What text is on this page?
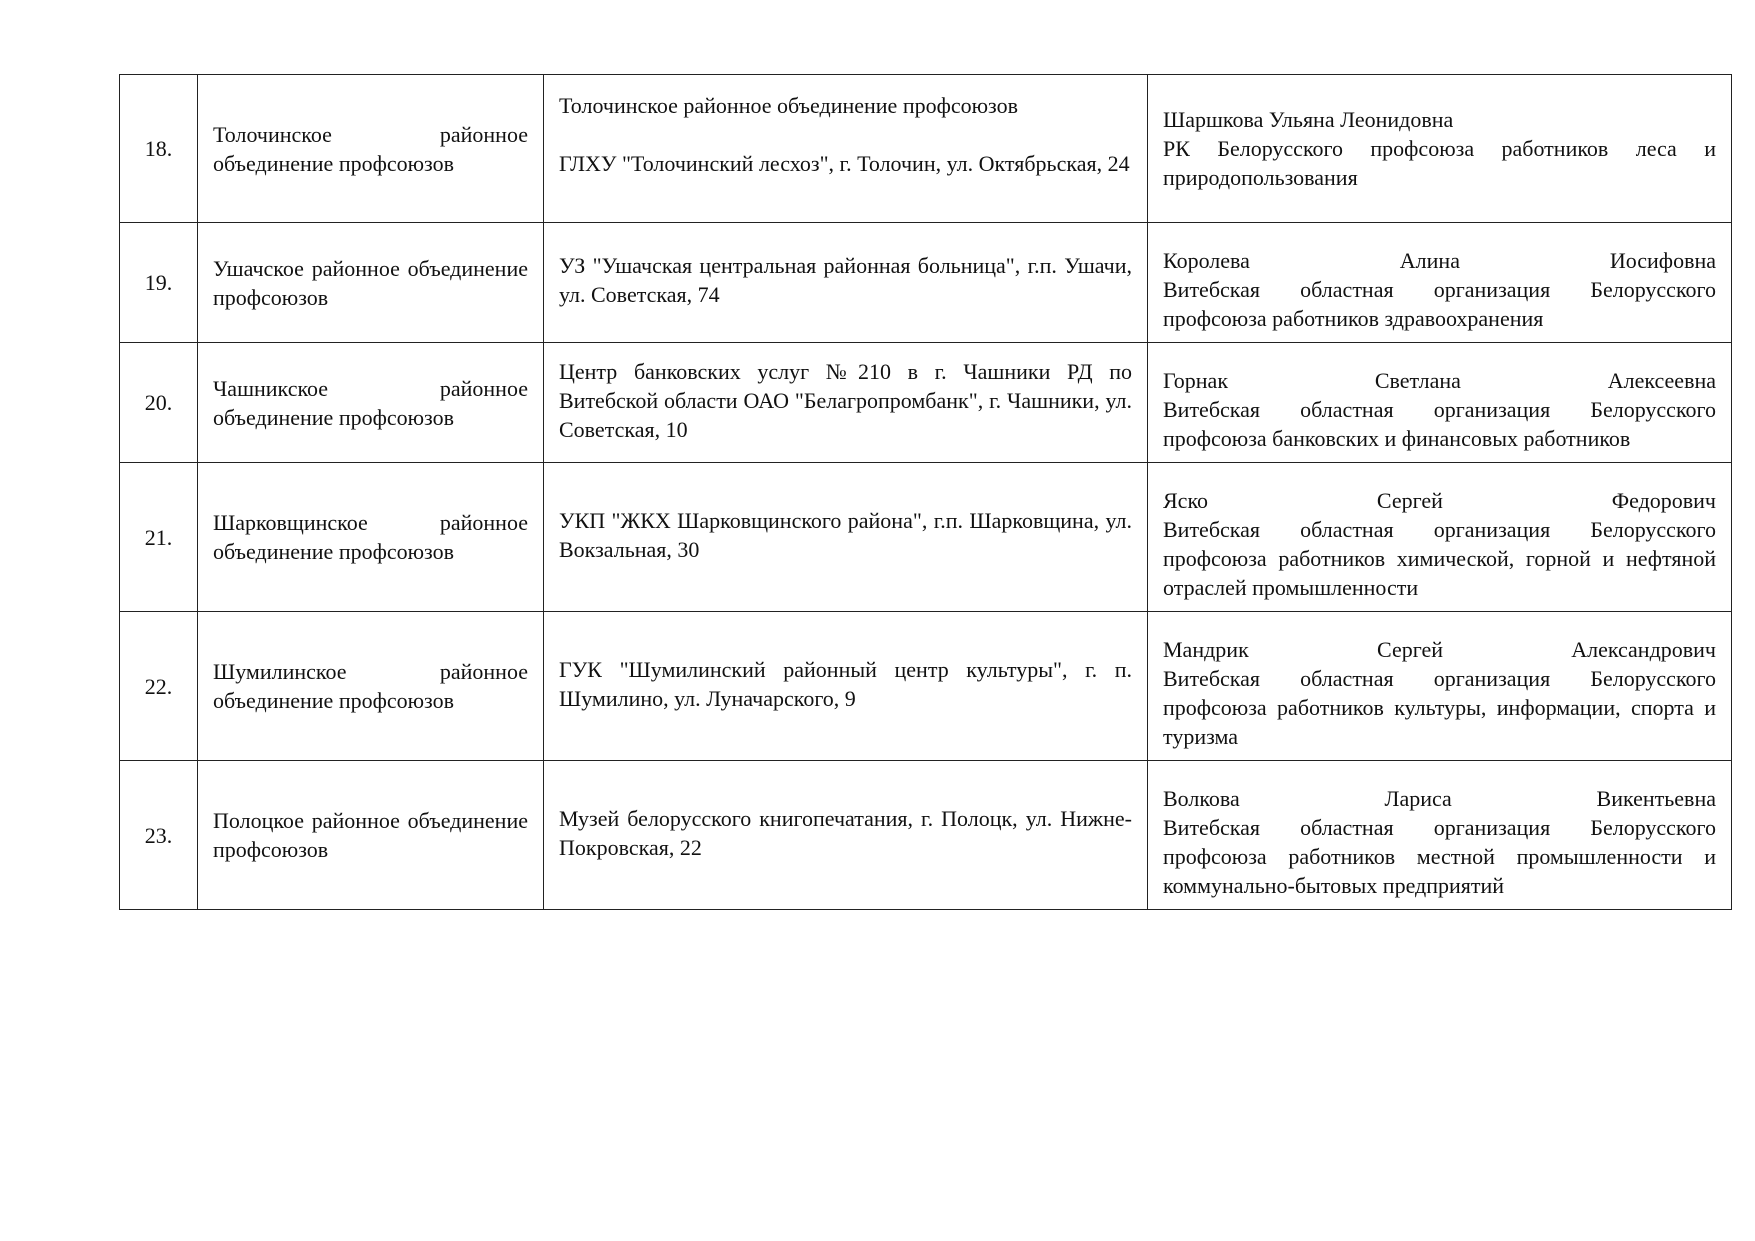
18.	Толочинское районное объединение профсоюзов	Толочинское районное объединение профсоюзов
ГЛХУ "Толочинский лесхоз", г. Толочин, ул. Октябрьская, 24	Шаршкова Ульяна Леонидовна
РК Белорусского профсоюза работников леса и природопользования

19.	Ушачское районное объединение профсоюзов	УЗ "Ушачская центральная районная больница", г.п. Ушачи, ул. Советская, 74	Королева Алина Иосифовна
Витебская областная организация Белорусского профсоюза работников здравоохранения

20.	Чашникское районное объединение профсоюзов	Центр банковских услуг №210 в г. Чашники РД по Витебской области ОАО "Белагропромбанк", г. Чашники, ул. Советская, 10	Горнак Светлана Алексеевна
Витебская областная организация Белорусского профсоюза банковских и финансовых работников

21.	Шарковщинское районное объединение профсоюзов	УКП "ЖКХ Шарковщинского района", г.п. Шарковщина, ул. Вокзальная, 30	Яско Сергей Федорович
Витебская областная организация Белорусского профсоюза работников химической, горной и нефтяной отраслей промышленности

22.	Шумилинское районное объединение профсоюзов	ГУК "Шумилинский районный центр культуры", г. п. Шумилино, ул. Луначарского, 9	Мандрик Сергей Александрович
Витебская областная организация Белорусского профсоюза работников культуры, информации, спорта и туризма

23.	Полоцкое районное объединение профсоюзов	Музей белорусского книгопечатания, г. Полоцк, ул. Нижне-Покровская, 22	Волкова Лариса Викентьевна
Витебская областная организация Белорусского профсоюза работников местной промышленности и коммунально-бытовых предприятий
